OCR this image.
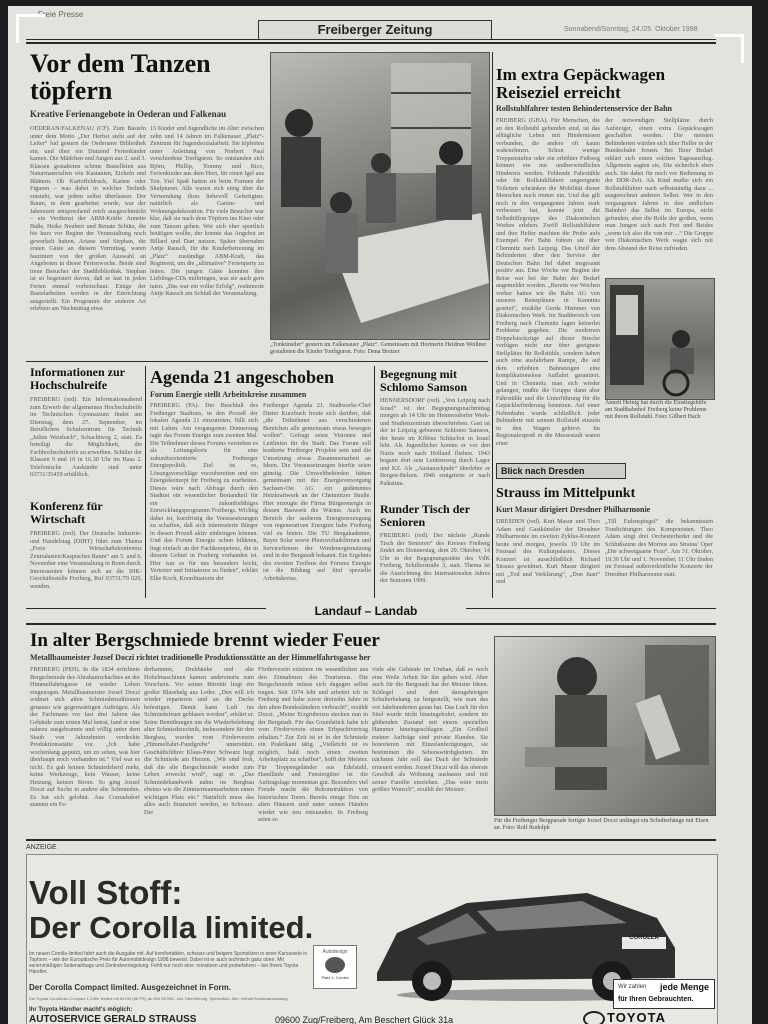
Freie Presse
Freiberger Zeitung	Sonnabend/Sonntag, 24./25. Oktober 1998
Vor dem Tanzen töpfern
Kreative Ferienangebote in Oederan und Falkenau
OEDERAN/FALKENAU (CF). Zum Basteln unter dem Motto „Der Herbst steht auf der Leiter“ lud gestern die Oederaner Bibliothek ein, und über ein Dutzend Ferienkinder kamen. Die Mädchen und Jungen aus 2. und 3. Klassen gestalteten schöne Bastelleien aus Naturmaterialien wie Kastanien, Eicheln und Blättern. Ob Kartoffeldruck, Karten oder Figuren – was dabei in welcher Technik entsteht, war jedem selbst überlassen. Der Raum, in dem gearbeitet wurde, war der Jahreszeit entsprechend reich ausgeschmückt – ein Verdienst der ABM-Kräfte Annette Buße, Heike Neubert und Renate Schütz, die bis kurz vor Beginn der Veranstaltung noch gewerkelt hatten. Ariane und Stephan, die ersten Gäste an diesem Vormittag, waren fasziniert von der großen Auswahl an Angeboten in dieser Ferienwoche. Beide sind treue Besucher der Stadtbibliothek. Stephan ist so begeistert davon, daß er fast in jeden Ferien einmal vorbeischaut. Einige der Bastelarbeiten werden in der Einrichtung ausgestellt. Ein Programm der anderen Art erlebten am Nachmittag etwa
15 Kinder und Jugendliche im Alter zwischen zehn und 14 Jahren im Falkenauer „Platz“-Zentrum für Jugendsozialarbeit. Sie töpferten unter Anleitung von Norbert Paul verschiedene Tonfiguren. So entstanden sich Björn, Phillip, Tommy und Rico, Ferienkinder aus dem Hort, für einen Igel aus Ton. Viel Spaß hatten sie beim Formen der Skulpturen. Alle waren sich einig über die Verwendung ihres liebevoll Gefertigten: natürlich als Garten- und Wohnungsdekoration. Für viele Besucher war klar, daß sie nach dem Töpfern ins Kino oder zum Tanzen gehen. Wer sich eher sportlich betätigen wollte, der konnte das Angebot an Billard und Dart nutzen. Später übernahm Antje Rausch, für die Kinderbetreuung im „Platz“ zuständige ABM-Kraft, das Regiment, um die „ultimative“ Ferienparty zu leiten. Die jungen Gäste konnten ihre Lieblings-CDs mitbringen, was sie auch gern taten. „Das war ein voller Erfolg“, resümierte Antje Rausch am Schluß der Veranstaltung.
„Tonkünstler“ gestern im Falkenauer „Platz“. Gemeinsam mit Hortnerin Heidrun Weißner gestalteten die Kinder Tonfiguren. Foto: Dena Bretzer
Im extra Gepäckwagen Reiseziel erreicht
Rollstuhlfahrer testen Behindertenservice der Bahn
FREIBERG (GHA). Für Menschen, die an den Rollstuhl gebunden sind, ist das alltägliche Leben mit Hindernissen verbunden, die andere oft kaum wahrnehmen. Schon wenige Treppenstufen oder ein erhöhter Fußweg können ein nur unüberwindliches Hindernis werden. Fehlende Fahrstühle oder für Rollstuhlfahrer ungeeignete Toiletten schränken die Mobilität dieser Menschen noch immer ein. Und das gilt noch in den vergangenen Jahren stark verbessert hat, konnte jetzt die Selbsthilfegruppe des Diakonischen Werkes erleben. Zwölf Rollstuhlfahrer und ihre Helfer machten die Probe aufs Exempel. Per Bahn fuhren sie über Chemnitz nach Leipzig. Das Urteil der Behinderten über den Service der Deutschen Bahn fiel dabei insgesamt positiv aus. Eine Woche vor Beginn der Reise war bei der Bahn der Bedarf angemeldet worden. „Bereits vor Wochen vorher hatten wir die Bahn AG von unseren Reiseplänen in Kenntnis gesetzt“, erzählte Gerda Hemmer von Diakonischen Werk. Im Stadtbereich von Freiberg nach Chemnitz lagen keinerlei Probleme gegeben. Die modernen Doppelstockzüge auf dieser Strecke verfügen nicht nur über geeignete Stellplätze für Rollstühle, sondern haben auch eine ausfahrbare Rampe, die auf dem erhöhten Bahnsteigen eine komplikationslose Auffahrt garantiert. Und in Chemnitz man sich wieder gelangen, mußte die Gruppe dann aber Fahrstühle und die Unterführung für die Gepäckbeförderung benutzen. Auf einer Nebenbahn wurde schließlich jeder Behinderte mit seinem Rollstuhl einzeln in den Wagen gehievt. Im Regionalexpreß in die Messestadt waren einer
der notwendigen Stellplätze durch Aufsteiger, einen extra Gepäckwagen geschaffen worden. Die meisten Behinderten würden sich über Helfer in der Bundesbahn freuen. Bei Ihrer Bedarf erklärt sich einen solchen Tagesausflug. Allgemein sagten sie, Die sicherlich eben auch. Sie dabei für noch vor Bedienung in der DDR-Zeit. Als Kind mußte sich ein Rollstuhlfahrer nach selbstständig dazu ... ausgerechnet anderen Selbst. Wer in den vergangenen Jahren in den endlichen Bahnhof das Selbst im Europa, nicht gefunden, aber die Rolle der großen, wenn man Jungen sich nach Frei und Beides „wenn ich also die von mir ...“ Die Gruppe von Diakonischen Werk wagte sich mit dem Abstand der Reise zufrieden.
Annett Heinig hat durch die Einstiegshilfe am Stadtbahnhof Freiberg keine Probleme mit ihrem Rollstuhl. Foto: Gilbert Hach
Informationen zur Hochschulreife
FREIBERG (red). Ein Informationsabend zum Erwerb der allgemeinen Hochschulreife im Technischen Gymnasium findet am Dienstag, dem 27. September, im Beruflichen Schulzentrum für Technik „Julius Weisbach“, Schachtweg 2, statt. Es beteiligt die Möglichkeit, die Fachhochschulreife zu erwerben. Schüler der Klassen 9 und 10 in 16.30 Uhr im Haus 2. Telefonische Auskünfte sind unter 03731/35459 erhältlich.
Konferenz für Wirtschaft
FREIBERG (red). Der Deutsche Industrie- und Handelstag (DIHT) führt zum Thema „Freie Wirtschaftskonferenz Zentralasien/Kaspisches Raum“ am 5. und 6. November eine Veranstaltung in Bonn durch. Interessenten können sich an die IHK-Geschäftsstelle Freiberg, Ruf 03731/79 020, wenden.
Agenda 21 angeschoben
Forum Energie stellt Arbeitskreise zusammen
FREIBERG (PA). Der Beschluß des Freiberger Stadtrats, in den Prozeß der lokalen Agenda 21 einzutreten, füllt sich mit Leben. Am vergangenen Donnerstag tagte das Forum Energie zum zweiten Mal. Die Teilnehmer dieses Forums verstehen es als Leitungskreis für eine zukunftsorientierte Freiberger Energiepolitik. Ziel ist es, Lösungsvorschläge vorzubereiten und ein Energiekonzept für Freiberg zu erarbeiten. Dieses wäre nach Abfrage durch den Stadtrat ein wesentlicher Bestandteil für ein zukunftsfähiges Entwicklungsprogramm Freibergs. Wichtig dabei ist, kurzfristig die Voraussetzungen zu schaffen, daß sich interessierte Bürger in diesen Prozeß aktiv einbringen können. Und das Forum Energie schon bildeten, liegt einfach an der Fachkompetenz, die in diesem Gebiet in Freiberg vorhanden ist. Hier war es für uns besonders leicht, Vertreter und Initiatoren zu finden“, erklärt Elke Koch, Koordinatorin der
Freiberger Agenda 21. Stadtwerke-Chef Dieter Kurzbuch freute sich darüber, daß „die Teilnehmer aus verschiedenen Bereichen alle gemeinsam etwas bewegen wollen“. Gefragt seien Visionen und Leitlinien für die Stadt. Das Forum soll konkrete Freiberger Projekte sein und die Umsetzung etwas Zusammenarbeit an Ideen. Die Voraussetzungen hierfür seien günstig. Die Umweltbehörden hätten gemeinsam mit der Energieversorgung Sachsen-Ost AG ein gedämmtes Heizkraftwerk an der Chemnitzer Straße. Hier erzeugte die Firma Bürgerenergie in dessen Bauwerk die Wärme. Auch im Bereich der sauberen Energieerzeugung von regenerativen Energien habe Freiberg viel zu bieten. Die TU Bergakademie, Bayer Solar sowie Photovoltaikfirmen und Servicefirmen der Windenergienutzung sind in der Bergstadt bekannt. Ein Ergebnis des zweiten Treffens des Forums Energie ist die Bildung auf fünf spezielle Arbeitskreise.
Begegnung mit Schlomo Samson
HENNERSDORF (red). „Von Leipzig nach Israel“ ist der Begegnungsnachmittag morgen ab 14 Uhr im Hennersdorfer Werk- und Studienzentrum überschrieben. Gast ist der in Leipzig geborene Schlomo Samson, der heute im Kibbuz Schluchot in Israel lebt. Als Jugendlicher konnte er vor den Nazis noch nach Holland fliehen. 1943 begann dort sein Leidensweg durch Lager und KZ. Als „Austauschjude“ überlebte er Bergen-Belsen. 1946 emigrierte er nach Palästina.
Runder Tisch der Senioren
FREIBERG (red). Der nächste „Runde Tisch der Senioren“ des Kreises Freiberg findet am Donnerstag, dem 29. Oktober, 14 Uhr in der Begegnungsstätte des VdK Freiberg, Schillerstraße 3, statt. Thema ist die Ausrichtung des Internationalen Jahres der Senioren 1999.
Blick nach Dresden
Strauss im Mittelpunkt
Kurt Masur dirigiert Dresdner Philharmonie
DRESDEN (red). Kurt Masur und Theo Adam und Gastkünstler der Dresdner Philharmonie im zweiten Zyklus-Konzert heute und morgen, jeweils 19 Uhr im Festsaal des Kulturpalastes. Dieses Konzert ist ausschließlich Richard Strauss gewidmet. Kurt Masur dirigiert mit „Tod und Verklärung“, „Don Juan“ und
„Till Eulenspiegel“ die bekanntesten Tondichtungen des Komponisten. Theo Adam singt drei Orchesterlieder und die Schlußszene des Mornus aus Strauss' Oper „Die schweigsame Frau“. Am 31. Oktober, 19.30 Uhr und 1. November, 11 Uhr finden im Festsaal außerordentliche Konzerte der Dresdner Philharmonie statt.
Landauf – Landab
In alter Bergschmiede brennt wieder Feuer
Metallbaumeister Jozsef Doczi richtet traditionelle Produktionsstätte an der Himmelfahrtsgasse her
FREIBERG (PEH). In die 1834 errichtete Bergschmiede des Abrahamschachtes an der Himmelfahrtsgasse ist wieder Leben eingezogen. Metallbaumeister Jozsef Doczi widmet sich alten Schmiedetraditionen genauso wie gegenwärtigen Aufträgen. Als der Fachmann vor fast drei Jahren das Gebäude zum ersten Mal betrat, fand er eine nahezu ausgebrannte und völlig unter dem Staub von Jahrzehnten verdeckte Produktionsstätte vor. „Ich habe wochenlang geputzt, um zu sehen, was hier überhaupt noch vorhanden ist.“ Viel war es nicht. Es gab keinen Schmiedeherd mehr, keine Werkzeuge, kein Wasser, keine Heizung, keinen Strom. So ging Jozsef Doczi auf Suche in andere alte Schmieden. Es hat sich gelohnt. Aus Conradsdorf stammt ein Fe-
derhammer, Drehbänke und alte Hobelmaschinen kamen anderenorts zum Vorschein. Vor seiner Bürotür liegt ein großer Blasebalg aus Leder. „Den will ich wieder reparieren und an die Decke befestigen. Damit kann Luft ins Schmiedefeuer geblasen werden“, erklärt er. Seine Bemühungen um die Wiederbelebung alter Schmiedetechnik, insbesondere für den Bergbau, wurden vom Förderverein „Himmelfahrt-Fundgrube“ unterstützt. Geschäftsführer Klaus-Peter Schwarz liegt die Schmiede am Herzen. „Wir sind froh, daß die alte Bergschmiede wieder zum Leben erweckt wird“, sagt er. „Das Schmiedehandwerk nahm im Bergbau ebenso wie die Zimmermannsarbeiten einen wichtigen Platz ein.“ Natürlich muss das alles auch finanziert werden, so Schwarz. Der
Förderverein existiere im wesentlichen aus den Einnahmen des Tourismus. Die Bergschmiede müsse sich dagegen selbst tragen. Seit 1974 lebt und arbeitet ich in Freiberg und habe zuvor dreizehn Jahre in den alten Bundesländern verbracht“, erzählt Doczi. „Meine Erzgrubenzu stecken nun in der Bergstadt. Für das Grundstück habe ich vom Förderverein einen Erbpachtvertrag erhalten.“ Zur Zeit ist er in der Schmiede ein Praktikant tätig. „Vielleicht ist es möglich, bald noch einen zweiten Arbeitsplatz zu schaffen“, hofft der Meister. Für Treppengeländer aus Edelstahl, Handläufe und Fenstergitter ist die Auftragslage momentan gut. Besonders viel Freude macht die Rekonstruktion von historischen Toren. Bereits einige Tore an alten Häusern sind unter seinen Händen wieder wie neu entstanden. In Freiberg seien so
viele alte Gebäude im Umbau, daß es noch eine Weile Arbeit für ihn geben wird. Aber auch für die Bergstadt hat der Meister Ideen. Schlegel und den dazugehörigen Schulterbehang zu bergestellt, wie man das vor Jahrhunderten getan hat. Das Loch für den Stiel wurde nicht hineingebohrt, sondern im glühenden Zustand mit einem speziellen Hammer hineingeschlagen. „Ein Großteil meiner Aufträge sind private Kunden. Sie honorieren mit Einzelanfertigungen, sie bestimmen die Sehenswürdigkeiten. Im nächsten Jahr soll das Dach der Schmiede erneuert werden. Jozsef Doczi will das oberste Geschoß als Wohnung ausbauen und mit seiner Familie einziehen. „Das wäre mein größter Wunsch“, erzählt der Meister.
Für die Freiberger Bergparade fertigte Jozsef Doczi unlängst ein Schulterhänge mit Eisen an. Foto: Rolf Rudolph
ANZEIGE
Voll Stoff:
Der Corolla limited.
Im neuen Corolla limited fahrt auch die Ausgabe mit. Auf komfortablen, schwarz und beigem Sportsitzen in einer Karosserie in Topform – wie der Europäische Preis für Automobildesign 1998 beweist. Dabei ist er auch technisch ganz oben. Mit serienmäßigen Seitenairbags und Zentralverriegelung. Fehlt nur noch eins: reinsitzen und probefahren – bei Ihrem Toyota Händler.
Der Corolla Compact limited. Ausgezeichnet in Form.
Der Toyota Corolla als Compact 1,3 liter limited mit 63 kW (86 PS), ab DM 28.990,- inkl. Überführung. Symbolfoto, Abb. enthält Sonderausstattung.
Autodesign
Platz 1: Corolla
COROLLA
Wir zahlen jede Menge
für Ihren Gebrauchten.
Ihr Toyota Händler macht's möglich:
AUTOSERVICE GERALD STRAUSS	09600 Zug/Freiberg, Am Beschert Glück 31a	TOYOTA
